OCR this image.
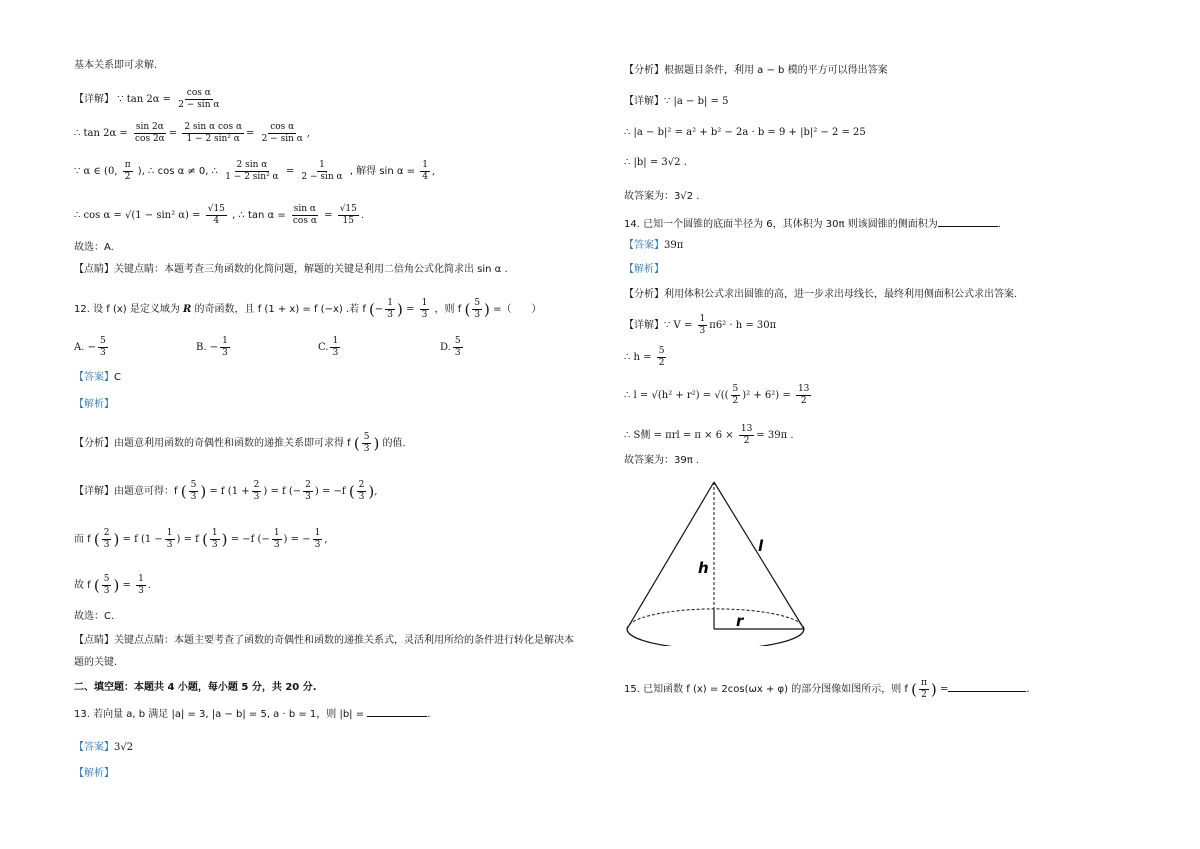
基本关系即可求解.
【详解】 ∵ $\tan 2\alpha = \frac{\text{cos α}}{\text{2 − sin α}}$
∴ $\tan 2\alpha = \frac{\sin 2\alpha}{\cos 2\alpha} = \frac{\text{2 sin α cos α}}{\text{1 − 2 sin² α}} = \frac{\text{cos α}}{\text{2 − sin α}}$ ,
∵ α ∈ (0, $\frac{\pi}{2}$ ), ∴ cos α ≠ 0, ∴ $\frac{\text{2 sin α}}{\text{1 − 2 sin² α}} = \frac{1}{\text{2 − sin α}}$ , 解得 $\sin \alpha = \frac{1}{4}$ ,
∴ cos α = √(1 − sin² $\alpha) = \frac{√15}{4}$ , ∴ $\tan \alpha = \frac{\text{sin α}}{\text{cos α}} = \frac{√15}{15}$ .
故选：A.
【点睛】关键点睛：本题考查三角函数的化简问题，解题的关键是利用二倍角公式化简求出 sin α .
12. 设 f (x) 是定义域为 R 的奇函数，且 f (1 + x) = f (−x) .若 f (− $\frac{1}{3}$ ) = $\frac{1}{3}$ ，则 f ( $\frac{5}{3}$ ) =（　　）
A. − $\frac{5}{3}$	B. − $\frac{1}{3}$	C. $\frac{1}{3}$	D. $\frac{5}{3}$
【答案】C
【解析】
【分析】由题意利用函数的奇偶性和函数的递推关系即可求得 f ( $\frac{5}{3}$ ) 的值.
【详解】由题意可得：f ( $\frac{5}{3}$ ) = f ($1 + \frac{2}{3}$ ) = f (− $\frac{2}{3}$ ) = −f ( $\frac{2}{3}$ ),
而 f ( $\frac{2}{3}$ ) = f ($1 - \frac{1}{3}$ ) = f ( $\frac{1}{3}$ ) = −f (− $\frac{1}{3}$ ) = − $\frac{1}{3}$ ,
故 f ( $\frac{5}{3}$ ) = $\frac{1}{3}$ .
故选：C.
【点睛】关键点点睛：本题主要考查了函数的奇偶性和函数的递推关系式，灵活利用所给的条件进行转化是解决本
题的关键.
二、填空题：本题共 4 小题，每小题 5 分，共 20 分.
13. 若向量 a, b 满足 |a| = 3, |a − b| = 5, a · b = 1，则 |b| =	.
【答案】3√2
【解析】
【分析】根据题目条件，利用 a − b 模的平方可以得出答案
【详解】∵ |a − b| = 5
∴ |a − b|² = a² + b² − 2a · b = 9 + |b|² − 2 = 25
∴ |b| = 3√2 .
故答案为：3√2 .
14. 已知一个圆锥的底面半径为 6，其体积为 30π 则该圆锥的侧面积为	.
【答案】39π
【解析】
【分析】利用体积公式求出圆锥的高，进一步求出母线长，最终利用侧面积公式求出答案.
【详解】∵ $V = \frac{1}{3} \pi 6^2 \cdot h = 30\pi$
∴ $h = \frac{5}{2}$
∴ l = √(h² + r²) = √(( $\frac{5}{2} )^2 + 6^2) = \frac{13}{2}$
∴ S侧 = $\pi rl = \pi \times 6 \times \frac{13}{2} = 39\pi$ .
故答案为：39π .
h
l
r
15. 已知函数 f (x) = 2cos(ωx + φ) 的部分图像如图所示，则 f ( $\frac{\pi}{2}$ ) =	.
